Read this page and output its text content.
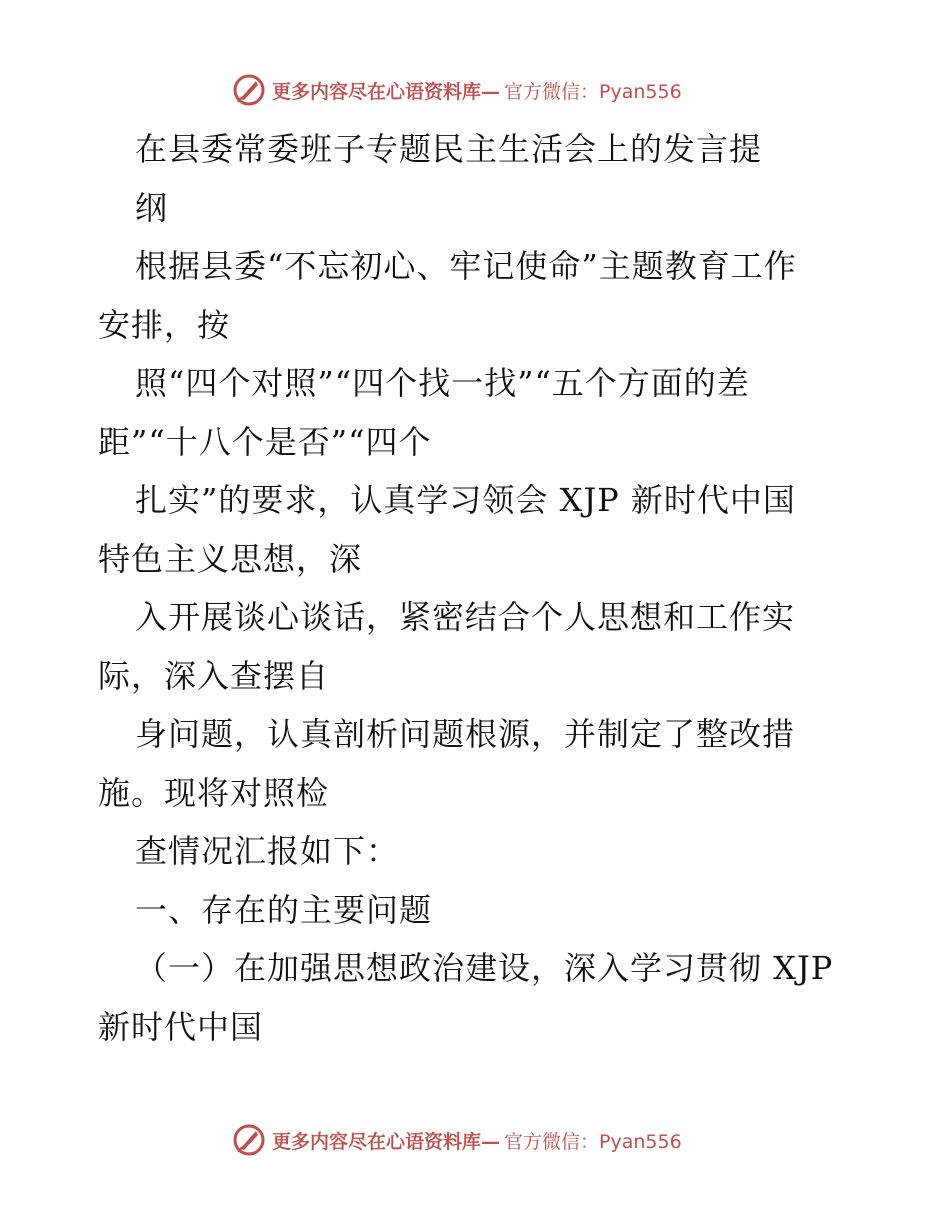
更多内容尽在心语资料库— 官方微信：Pyan556
在县委常委班子专题民主生活会上的发言提
纲
根据县委“不忘初心、牢记使命”主题教育工作
安排，按
照“四个对照”“四个找一找”“五个方面的差
距”“十八个是否”“四个
扎实”的要求，认真学习领会 XJP 新时代中国
特色主义思想，深
入开展谈心谈话，紧密结合个人思想和工作实
际，深入查摆自
身问题，认真剖析问题根源，并制定了整改措
施。现将对照检
查情况汇报如下：
一、存在的主要问题
（一）在加强思想政治建设，深入学习贯彻 XJP
新时代中国
更多内容尽在心语资料库— 官方微信：Pyan556
